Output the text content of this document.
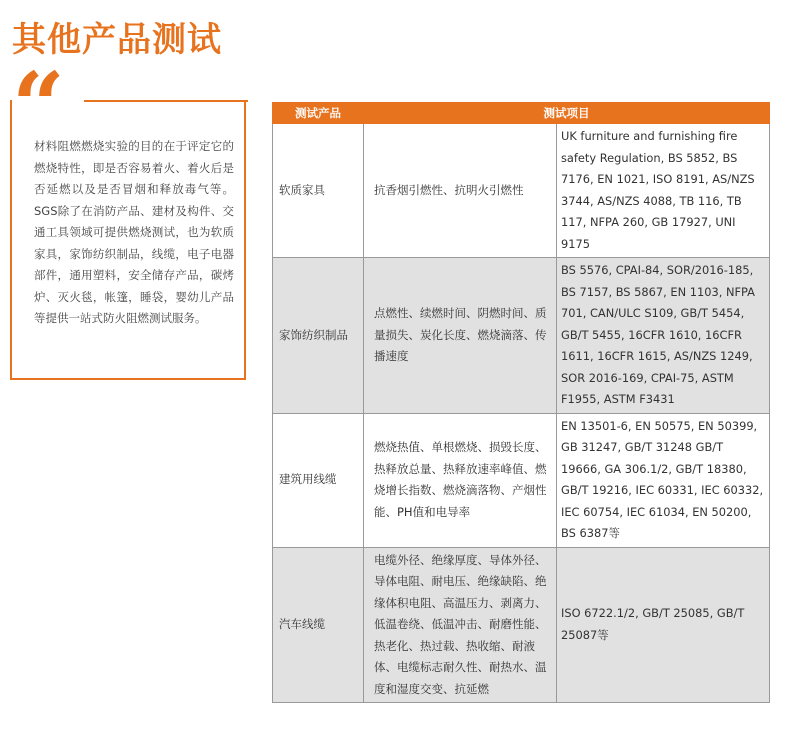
其他产品测试
“

材料阻燃燃烧实验的目的在于评定它的燃烧特性，即是否容易着火、着火后是否延燃以及是否冒烟和释放毒气等。SGS除了在消防产品、建材及构件、交通工具领域可提供燃烧测试，也为软质家具，家饰纺织制品，线缆，电子电器部件，通用塑料，安全储存产品，碳烤炉、灭火毯，帐篷，睡袋，婴幼儿产品等提供一站式防火阻燃测试服务。

测试产品	测试项目	
软质家具	抗香烟引燃性、抗明火引燃性	UK furniture and furnishing fire safety Regulation, BS 5852, BS 7176, EN 1021, ISO 8191, AS/NZS 3744, AS/NZS 4088, TB 116, TB 117, NFPA 260, GB 17927, UNI 9175
家饰纺织制品	点燃性、续燃时间、阴燃时间、质量损失、炭化长度、燃烧滴落、传播速度	BS 5576, CPAI-84, SOR/2016-185, BS 7157, BS 5867, EN 1103, NFPA 701, CAN/ULC S109, GB/T 5454, GB/T 5455, 16CFR 1610, 16CFR 1611, 16CFR 1615, AS/NZS 1249, SOR 2016-169, CPAI-75, ASTM F1955, ASTM F3431
建筑用线缆	燃烧热值、单根燃烧、损毁长度、热释放总量、热释放速率峰值、燃烧增长指数、燃烧滴落物、产烟性能、PH值和电导率	EN 13501-6, EN 50575, EN 50399, GB 31247, GB/T 31248 GB/T 19666, GA 306.1/2, GB/T 18380, GB/T 19216, IEC 60331, IEC 60332, IEC 60754, IEC 61034, EN 50200, BS 6387等
汽车线缆	电缆外径、绝缘厚度、导体外径、导体电阻、耐电压、绝缘缺陷、绝缘体积电阻、高温压力、剥离力、低温卷绕、低温冲击、耐磨性能、热老化、热过载、热收缩、耐液体、电缆标志耐久性、耐热水、温度和湿度交变、抗延燃	ISO 6722.1/2, GB/T 25085, GB/T 25087等
